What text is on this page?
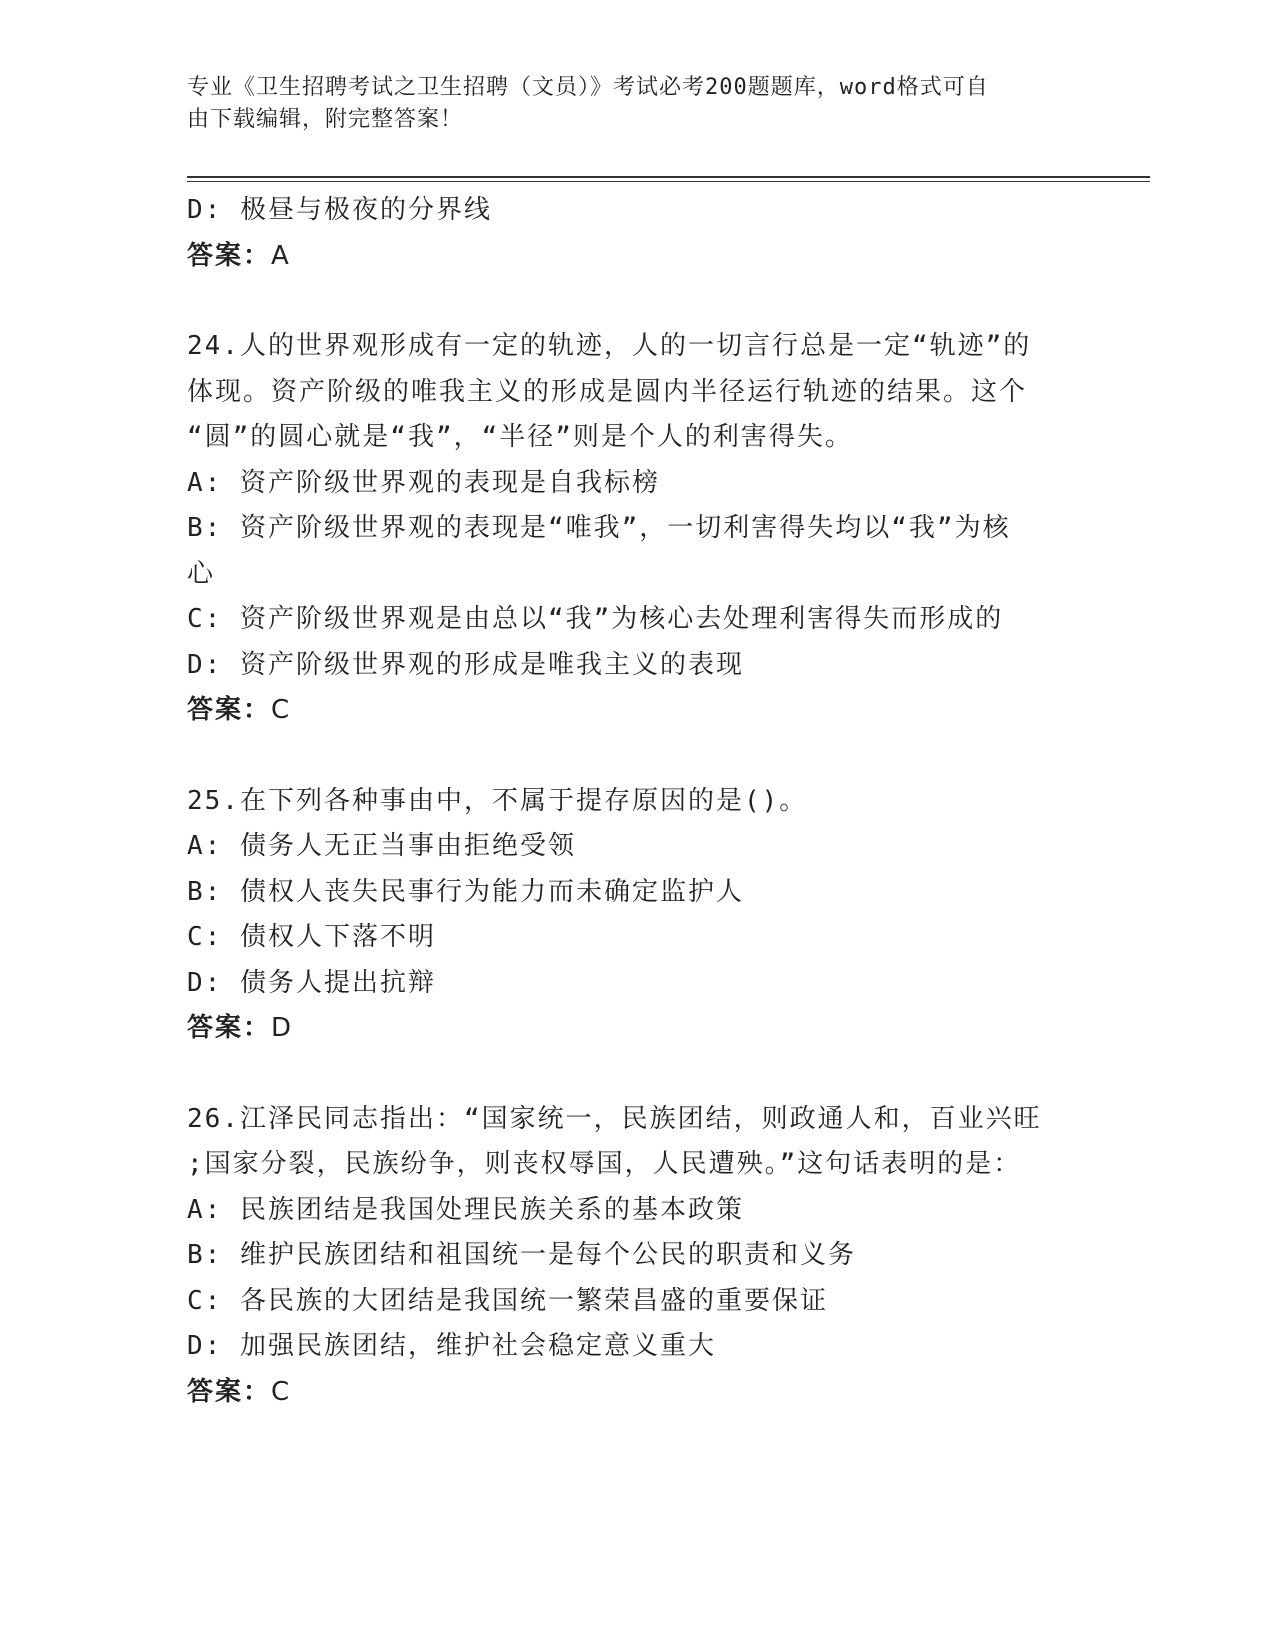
专业《卫生招聘考试之卫生招聘（文员）》考试必考200题题库，word格式可自
由下载编辑，附完整答案！

D: 极昼与极夜的分界线

答案：A

24.人的世界观形成有一定的轨迹，人的一切言行总是一定“轨迹”的

体现。资产阶级的唯我主义的形成是圆内半径运行轨迹的结果。这个

“圆”的圆心就是“我”，“半径”则是个人的利害得失。

A: 资产阶级世界观的表现是自我标榜

B: 资产阶级世界观的表现是“唯我”，一切利害得失均以“我”为核

心

C: 资产阶级世界观是由总以“我”为核心去处理利害得失而形成的

D: 资产阶级世界观的形成是唯我主义的表现

答案：C

25.在下列各种事由中，不属于提存原因的是()。

A: 债务人无正当事由拒绝受领

B: 债权人丧失民事行为能力而未确定监护人

C: 债权人下落不明

D: 债务人提出抗辩

答案：D

26.江泽民同志指出：“国家统一，民族团结，则政通人和，百业兴旺

;国家分裂，民族纷争，则丧权辱国，人民遭殃。”这句话表明的是：

A: 民族团结是我国处理民族关系的基本政策

B: 维护民族团结和祖国统一是每个公民的职责和义务

C: 各民族的大团结是我国统一繁荣昌盛的重要保证

D: 加强民族团结，维护社会稳定意义重大

答案：C
